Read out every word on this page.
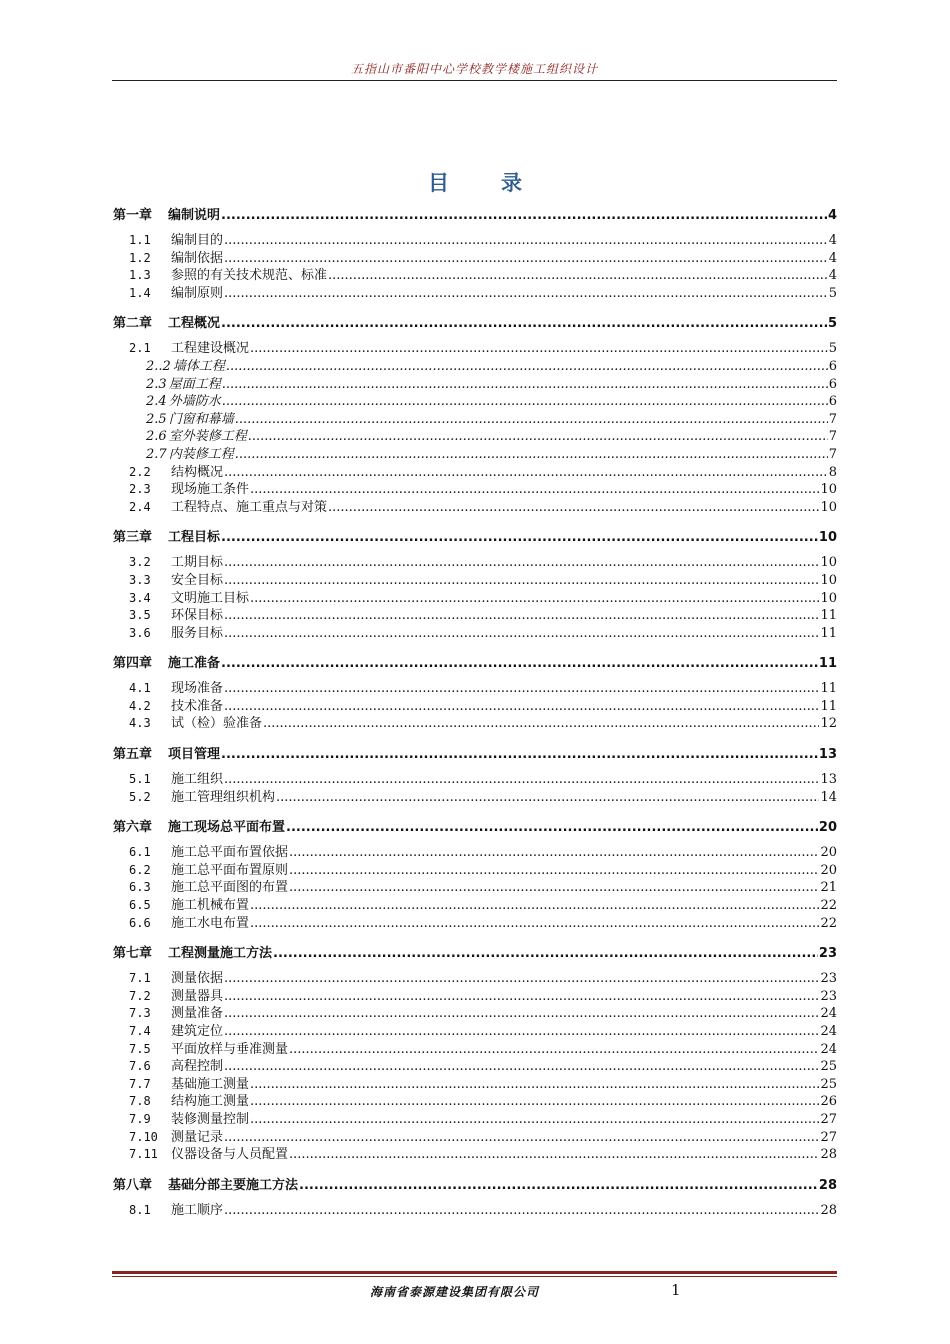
五指山市番阳中心学校教学楼施工组织设计
目录
第一章 编制说明 .....	4
1.1	编制目的 .....	4
1.2	编制依据 .....	4
1.3	参照的有关技术规范、标准 .....	4
1.4	编制原则 .....	5
第二章 工程概况 .....	5
2.1	工程建设概况 .....	5
2..2 墙体工程 .....	6
2.3 屋面工程 .....	6
2.4 外墙防水 .....	6
2.5 门窗和幕墙 .....	7
2.6 室外装修工程 .....	7
2.7 内装修工程 .....	7
2.2	结构概况 .....	8
2.3	现场施工条件 .....	10
2.4	工程特点、施工重点与对策 .....	10
第三章 工程目标 .....	10
3.2	工期目标 .....	10
3.3	安全目标 .....	10
3.4	文明施工目标 .....	10
3.5	环保目标 .....	11
3.6	服务目标 .....	11
第四章 施工准备 .....	11
4.1	现场准备 .....	11
4.2	技术准备 .....	11
4.3	试（检）验准备 .....	12
第五章 项目管理 .....	13
5.1	施工组织 .....	13
5.2	施工管理组织机构 .....	14
第六章 施工现场总平面布置 .....	20
6.1	施工总平面布置依据 .....	20
6.2	施工总平面布置原则 .....	20
6.3	施工总平面图的布置 .....	21
6.5	施工机械布置 .....	22
6.6	施工水电布置 .....	22
第七章 工程测量施工方法 .....	23
7.1	测量依据 .....	23
7.2	测量器具 .....	23
7.3	测量准备 .....	24
7.4	建筑定位 .....	24
7.5	平面放样与垂准测量 .....	24
7.6	高程控制 .....	25
7.7	基础施工测量 .....	25
7.8	结构施工测量 .....	26
7.9	装修测量控制 .....	27
7.10	测量记录 .....	27
7.11	仪器设备与人员配置 .....	28
第八章 基础分部主要施工方法 .....	28
8.1	施工顺序 .....	28
海南省泰源建设集团有限公司	1
